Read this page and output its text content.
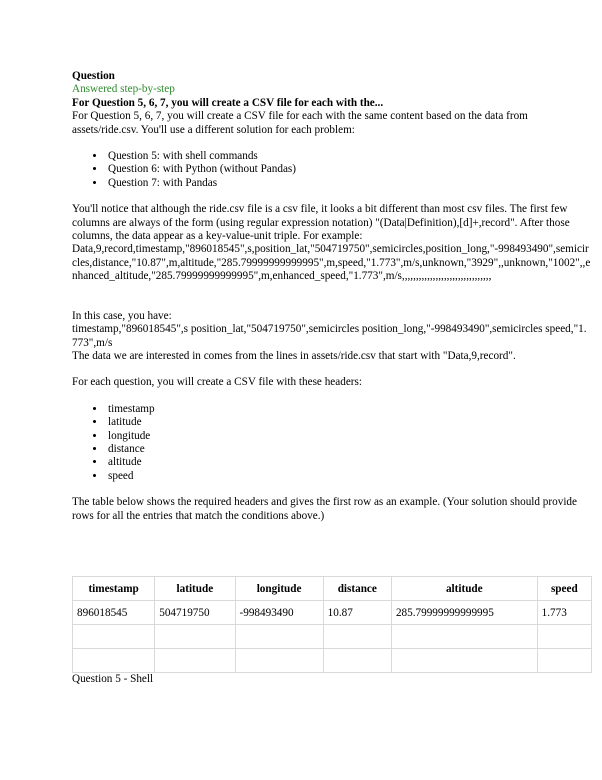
Question

Answered step-by-step

For Question 5, 6, 7, you will create a CSV file for each with the...

For Question 5, 6, 7, you will create a CSV file for each with the same content based on the data from assets/ride.csv. You'll use a different solution for each problem:

• Question 5: with shell commands
• Question 6: with Python (without Pandas)
• Question 7: with Pandas

You'll notice that although the ride.csv file is a csv file, it looks a bit different than most csv files. The first few columns are always of the form (using regular expression notation) "(Data|Definition),[d]+,record". After those columns, the data appear as a key-value-unit triple. For example:

Data,9,record,timestamp,"896018545",s,position_lat,"504719750",semicircles,position_long,"-998493490",semicircles,distance,"10.87",m,altitude,"285.79999999999995",m,speed,"1.773",m/s,unknown,"3929",,unknown,"1002",,enhanced_altitude,"285.79999999999995",m,enhanced_speed,"1.773",m/s,,,,,,,,,,,,,,,,,,,,,,,,,,,,,,,,

In this case, you have:

timestamp,"896018545",s position_lat,"504719750",semicircles position_long,"-998493490",semicircles speed,"1.773",m/s

The data we are interested in comes from the lines in assets/ride.csv that start with "Data,9,record".

For each question, you will create a CSV file with these headers:

• timestamp
• latitude
• longitude
• distance
• altitude
• speed

The table below shows the required headers and gives the first row as an example. (Your solution should provide rows for all the entries that match the conditions above.)

timestamp	latitude	longitude	distance	altitude	speed
896018545	504719750	-998493490	10.87	285.79999999999995	1.773

Question 5 - Shell
